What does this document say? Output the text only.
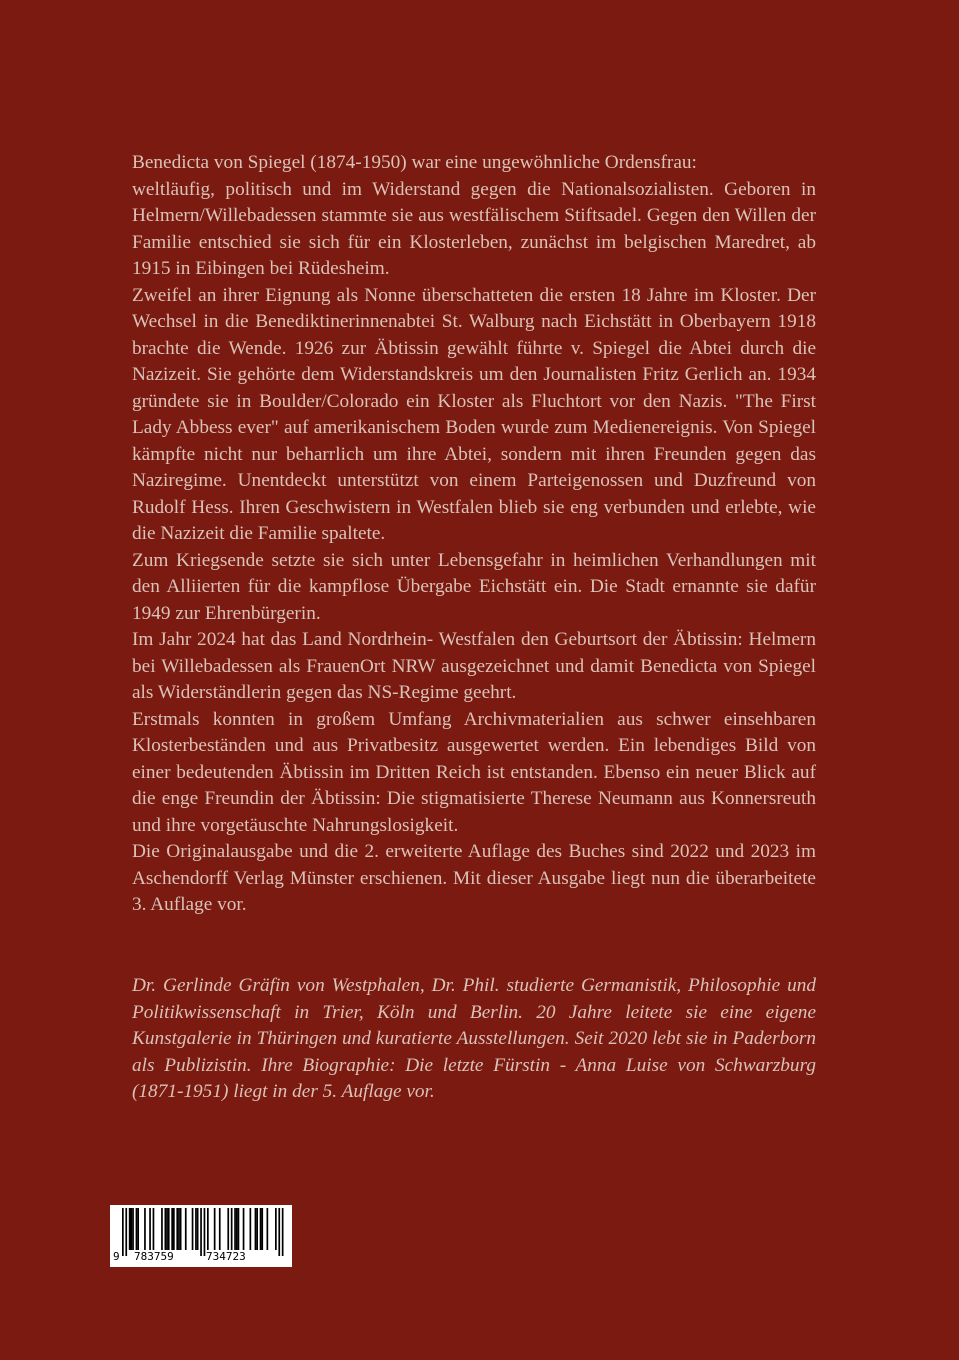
Benedicta von Spiegel (1874-1950) war eine ungewöhnliche Ordensfrau:

weltläufig, politisch und im Widerstand gegen die Nationalsozialisten. Geboren in Helmern/Willebadessen stammte sie aus westfälischem Stiftsadel. Gegen den Willen der Familie entschied sie sich für ein Klosterleben, zunächst im belgischen Maredret, ab 1915 in Eibingen bei Rüdesheim.

Zweifel an ihrer Eignung als Nonne überschatteten die ersten 18 Jahre im Kloster. Der Wechsel in die Benediktinerinnenabtei St. Walburg nach Eichstätt in Oberbayern 1918 brachte die Wende. 1926 zur Äbtissin gewählt führte v. Spiegel die Abtei durch die Nazizeit. Sie gehörte dem Widerstandskreis um den Journalisten Fritz Gerlich an. 1934 gründete sie in Boulder/Colorado ein Kloster als Fluchtort vor den Nazis. "The First Lady Abbess ever" auf amerikanischem Boden wurde zum Medienereignis. Von Spiegel kämpfte nicht nur beharrlich um ihre Abtei, sondern mit ihren Freunden gegen das Naziregime. Unentdeckt unterstützt von einem Parteigenossen und Duzfreund von Rudolf Hess. Ihren Geschwistern in Westfalen blieb sie eng verbunden und erlebte, wie die Nazizeit die Familie spaltete.

Zum Kriegsende setzte sie sich unter Lebensgefahr in heimlichen Verhandlungen mit den Alliierten für die kampflose Übergabe Eichstätt ein. Die Stadt ernannte sie dafür 1949 zur Ehrenbürgerin.

Im Jahr 2024 hat das Land Nordrhein- Westfalen den Geburtsort der Äbtissin: Helmern bei Willebadessen als FrauenOrt NRW ausgezeichnet und damit Benedicta von Spiegel als Widerständlerin gegen das NS-Regime geehrt.

Erstmals konnten in großem Umfang Archivmaterialien aus schwer einsehbaren Klosterbeständen und aus Privatbesitz ausgewertet werden. Ein lebendiges Bild von einer bedeutenden Äbtissin im Dritten Reich ist entstanden. Ebenso ein neuer Blick auf die enge Freundin der Äbtissin: Die stigmatisierte Therese Neumann aus Konnersreuth und ihre vorgetäuschte Nahrungslosigkeit.

Die Originalausgabe und die 2. erweiterte Auflage des Buches sind 2022 und 2023 im Aschendorff Verlag Münster erschienen. Mit dieser Ausgabe liegt nun die überarbeitete 3. Auflage vor.

Dr. Gerlinde Gräfin von Westphalen, Dr. Phil. studierte Germanistik, Philosophie und Politikwissenschaft in Trier, Köln und Berlin. 20 Jahre leitete sie eine eigene Kunstgalerie in Thüringen und kuratierte Ausstellungen. Seit 2020 lebt sie in Paderborn als Publizistin. Ihre Biographie: Die letzte Fürstin - Anna Luise von Schwarzburg (1871-1951) liegt in der 5. Auflage vor.

9 783759	734723
